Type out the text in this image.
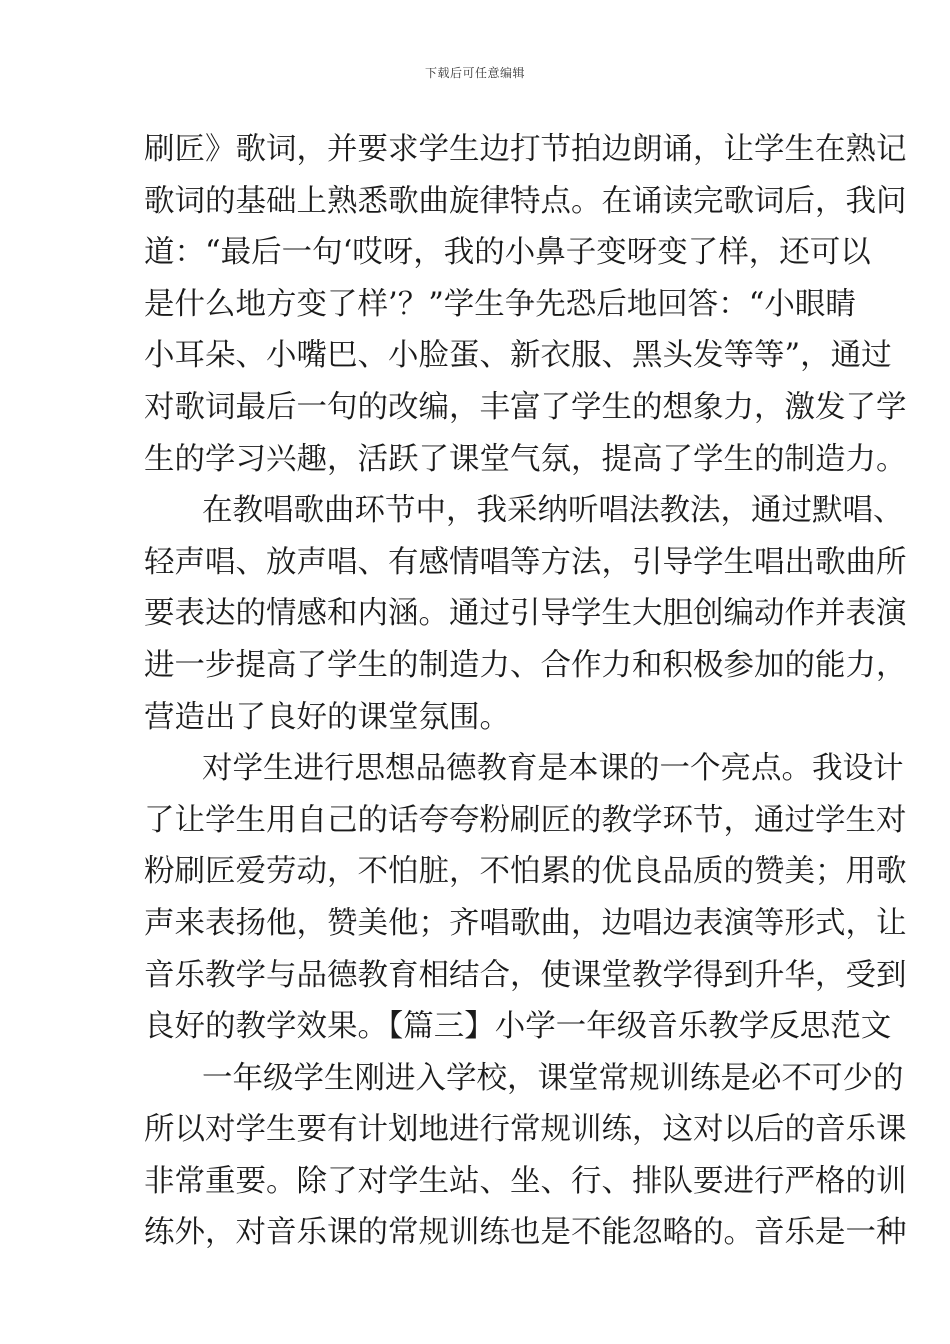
下载后可任意编辑
刷匠》歌词，并要求学生边打节拍边朗诵，让学生在熟记
歌词的基础上熟悉歌曲旋律特点。在诵读完歌词后，我问
道：“最后一句‘哎呀，我的小鼻子变呀变了样，还可以
是什么地方变了样’？”学生争先恐后地回答：“小眼睛
小耳朵、小嘴巴、小脸蛋、新衣服、黑头发等等”，通过
对歌词最后一句的改编，丰富了学生的想象力，激发了学
生的学习兴趣，活跃了课堂气氛，提高了学生的制造力。
在教唱歌曲环节中，我采纳听唱法教法，通过默唱、
轻声唱、放声唱、有感情唱等方法，引导学生唱出歌曲所
要表达的情感和内涵。通过引导学生大胆创编动作并表演
进一步提高了学生的制造力、合作力和积极参加的能力，
营造出了良好的课堂氛围。
对学生进行思想品德教育是本课的一个亮点。我设计
了让学生用自己的话夸夸粉刷匠的教学环节，通过学生对
粉刷匠爱劳动，不怕脏，不怕累的优良品质的赞美；用歌
声来表扬他，赞美他；齐唱歌曲，边唱边表演等形式，让
音乐教学与品德教育相结合，使课堂教学得到升华，受到
良好的教学效果。【篇三】小学一年级音乐教学反思范文
一年级学生刚进入学校，课堂常规训练是必不可少的
所以对学生要有计划地进行常规训练，这对以后的音乐课
非常重要。除了对学生站、坐、行、排队要进行严格的训
练外，对音乐课的常规训练也是不能忽略的。音乐是一种
